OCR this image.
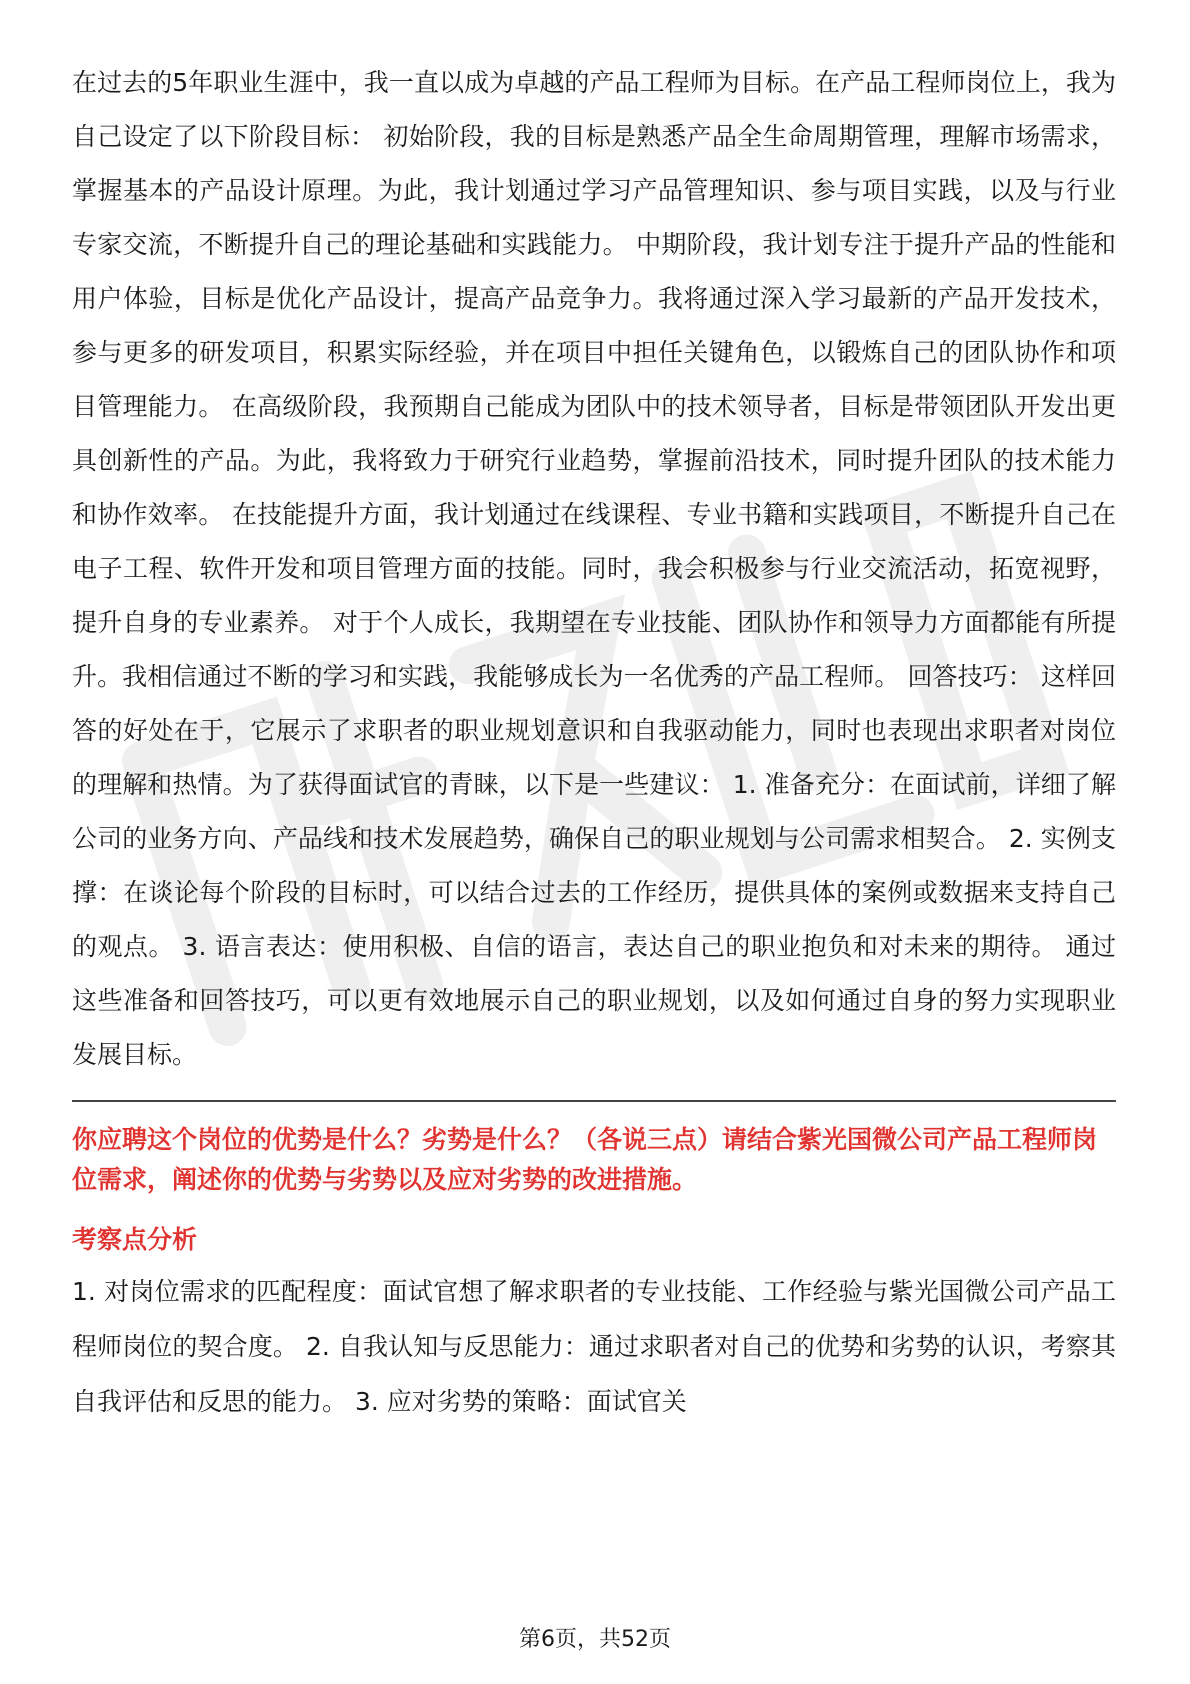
在过去的5年职业生涯中，我一直以成为卓越的产品工程师为目标。在产品工程师岗位上，我为自己设定了以下阶段目标： 初始阶段，我的目标是熟悉产品全生命周期管理，理解市场需求，掌握基本的产品设计原理。为此，我计划通过学习产品管理知识、参与项目实践，以及与行业专家交流，不断提升自己的理论基础和实践能力。 中期阶段，我计划专注于提升产品的性能和用户体验，目标是优化产品设计，提高产品竞争力。我将通过深入学习最新的产品开发技术，参与更多的研发项目，积累实际经验，并在项目中担任关键角色，以锻炼自己的团队协作和项目管理能力。 在高级阶段，我预期自己能成为团队中的技术领导者，目标是带领团队开发出更具创新性的产品。为此，我将致力于研究行业趋势，掌握前沿技术，同时提升团队的技术能力和协作效率。 在技能提升方面，我计划通过在线课程、专业书籍和实践项目，不断提升自己在电子工程、软件开发和项目管理方面的技能。同时，我会积极参与行业交流活动，拓宽视野，提升自身的专业素养。 对于个人成长，我期望在专业技能、团队协作和领导力方面都能有所提升。我相信通过不断的学习和实践，我能够成长为一名优秀的产品工程师。 回答技巧： 这样回答的好处在于，它展示了求职者的职业规划意识和自我驱动能力，同时也表现出求职者对岗位的理解和热情。为了获得面试官的青睐，以下是一些建议： 1. 准备充分：在面试前，详细了解公司的业务方向、产品线和技术发展趋势，确保自己的职业规划与公司需求相契合。 2. 实例支撑：在谈论每个阶段的目标时，可以结合过去的工作经历，提供具体的案例或数据来支持自己的观点。 3. 语言表达：使用积极、自信的语言，表达自己的职业抱负和对未来的期待。 通过这些准备和回答技巧，可以更有效地展示自己的职业规划，以及如何通过自身的努力实现职业发展目标。

你应聘这个岗位的优势是什么？劣势是什么？（各说三点）请结合紫光国微公司产品工程师岗位需求，阐述你的优势与劣势以及应对劣势的改进措施。

考察点分析

1. 对岗位需求的匹配程度：面试官想了解求职者的专业技能、工作经验与紫光国微公司产品工程师岗位的契合度。 2. 自我认知与反思能力：通过求职者对自己的优势和劣势的认识，考察其自我评估和反思的能力。 3. 应对劣势的策略：面试官关

第6页，共52页
